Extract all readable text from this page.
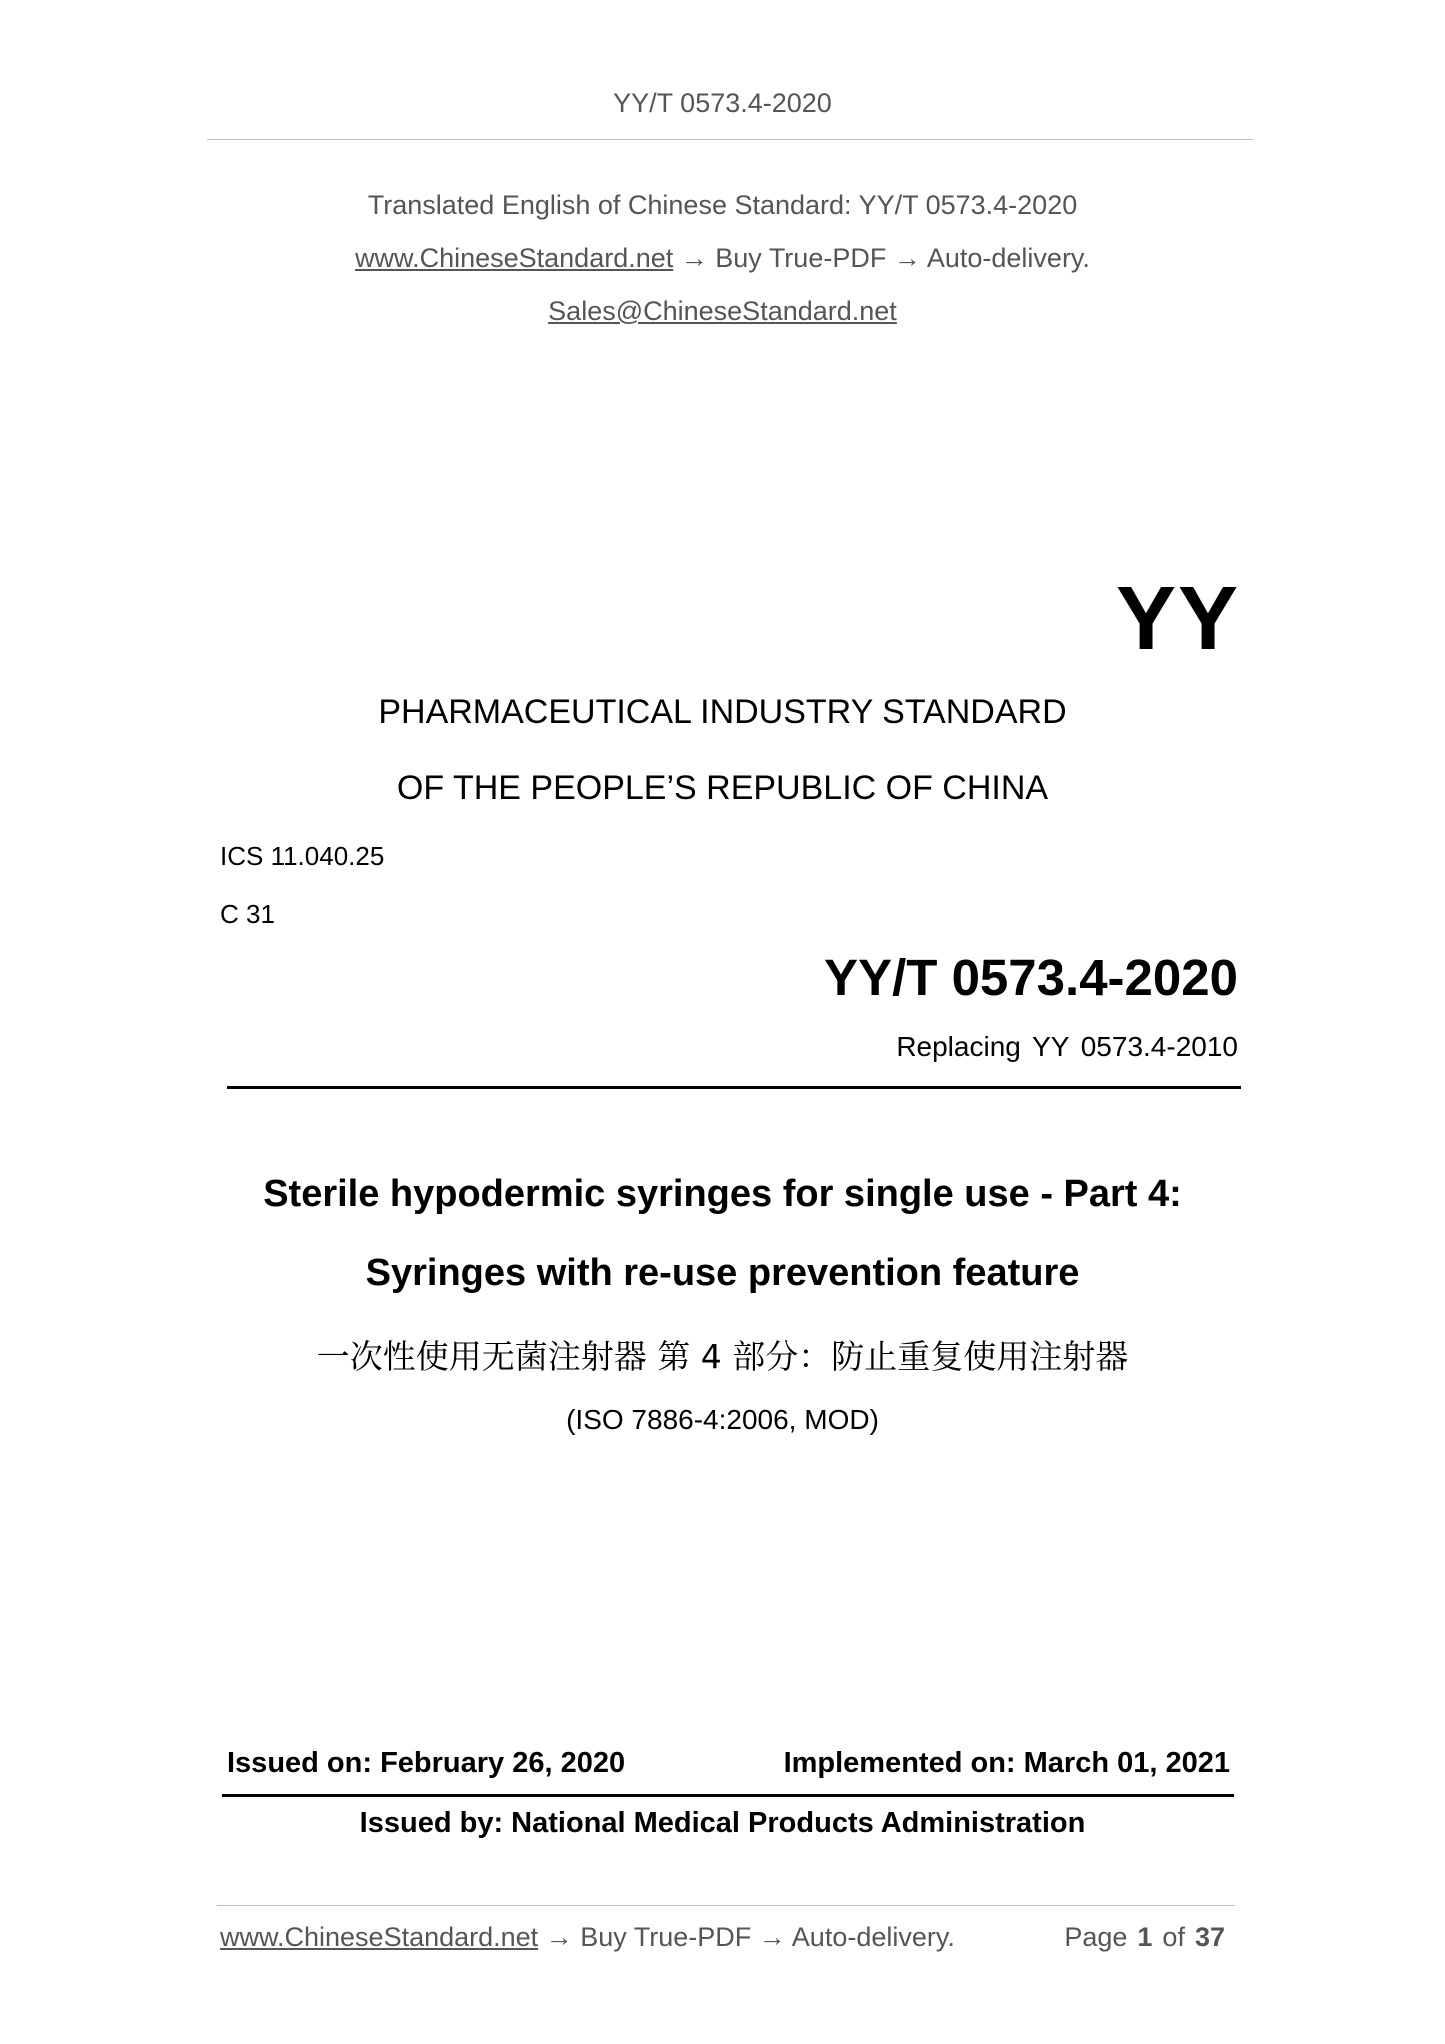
YY/T 0573.4-2020
Translated English of Chinese Standard: YY/T 0573.4-2020
www.ChineseStandard.net → Buy True-PDF → Auto-delivery.
Sales@ChineseStandard.net
YY
PHARMACEUTICAL INDUSTRY STANDARD
OF THE PEOPLE’S REPUBLIC OF CHINA
ICS 11.040.25
C 31
YY/T 0573.4-2020
Replacing YY 0573.4-2010
Sterile hypodermic syringes for single use - Part 4:
Syringes with re-use prevention feature
一次性使用无菌注射器 第 4 部分：防止重复使用注射器
(ISO 7886-4:2006, MOD)
Issued on: February 26, 2020	Implemented on: March 01, 2021
Issued by: National Medical Products Administration
www.ChineseStandard.net → Buy True-PDF → Auto-delivery.	Page 1 of 37
